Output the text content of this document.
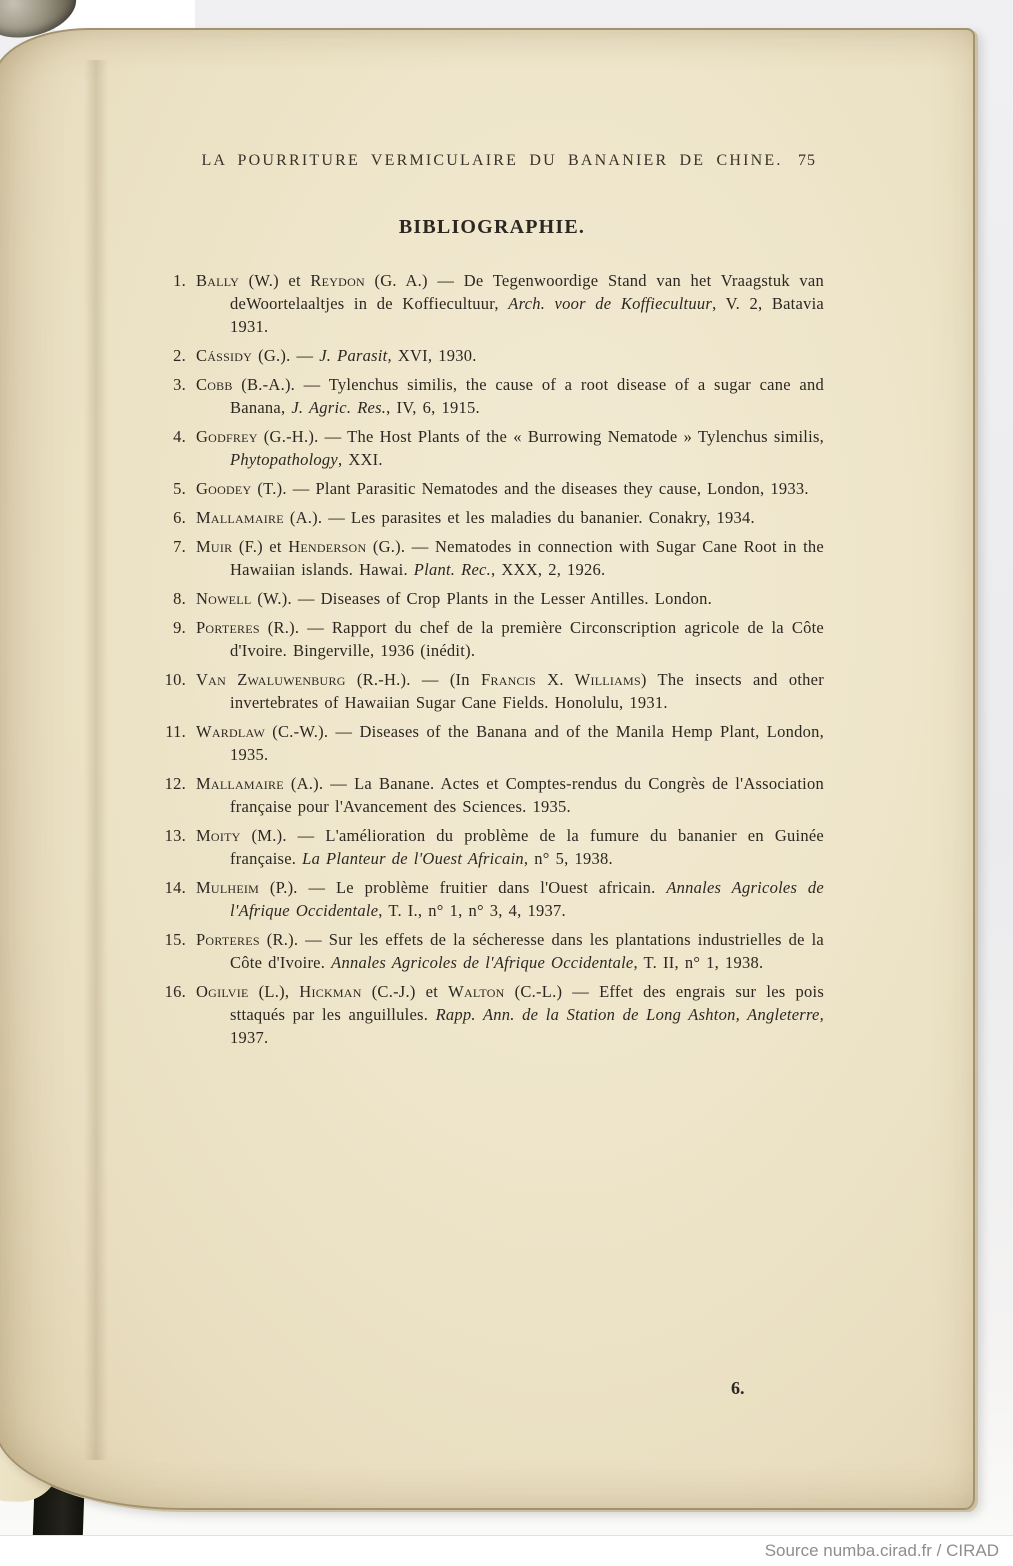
LA POURRITURE VERMICULAIRE DU BANANIER DE CHINE. 75
BIBLIOGRAPHIE.
1. Bally (W.) et Reydon (G. A.) — De Tegenwoordige Stand van het Vraagstuk van deWoortelaaltjes in de Koffiecultuur, Arch. voor de Koffiecultuur, V. 2, Batavia 1931.
2. Cássidy (G.). — J. Parasit, XVI, 1930.
3. Cobb (B.-A.). — Tylenchus similis, the cause of a root disease of a sugar cane and Banana, J. Agric. Res., IV, 6, 1915.
4. Godfrey (G.-H.). — The Host Plants of the « Burrowing Nematode » Tylenchus similis, Phytopathology, XXI.
5. Goodey (T.). — Plant Parasitic Nematodes and the diseases they cause, London, 1933.
6. Mallamaire (A.). — Les parasites et les maladies du bananier. Conakry, 1934.
7. Muir (F.) et Henderson (G.). — Nematodes in connection with Sugar Cane Root in the Hawaiian islands. Hawai. Plant. Rec., XXX, 2, 1926.
8. Nowell (W.). — Diseases of Crop Plants in the Lesser Antilles. London.
9. Porteres (R.). — Rapport du chef de la première Circonscription agricole de la Côte d'Ivoire. Bingerville, 1936 (inédit).
10. Van Zwaluwenburg (R.-H.). — (In Francis X. Williams) The insects and other invertebrates of Hawaiian Sugar Cane Fields. Honolulu, 1931.
11. Wardlaw (C.-W.). — Diseases of the Banana and of the Manila Hemp Plant, London, 1935.
12. Mallamaire (A.). — La Banane. Actes et Comptes-rendus du Congrès de l'Association française pour l'Avancement des Sciences. 1935.
13. Moity (M.). — L'amélioration du problème de la fumure du bananier en Guinée française. La Planteur de l'Ouest Africain, n° 5, 1938.
14. Mulheim (P.). — Le problème fruitier dans l'Ouest africain. Annales Agricoles de l'Afrique Occidentale, T. I., n° 1, n° 3, 4, 1937.
15. Porteres (R.). — Sur les effets de la sécheresse dans les plantations industrielles de la Côte d'Ivoire. Annales Agricoles de l'Afrique Occidentale, T. II, n° 1, 1938.
16. Ogilvie (L.), Hickman (C.-J.) et Walton (C.-L.) — Effet des engrais sur les pois sttaqués par les anguillules. Rapp. Ann. de la Station de Long Ashton, Angleterre, 1937.
6.
Source numba.cirad.fr / CIRAD
